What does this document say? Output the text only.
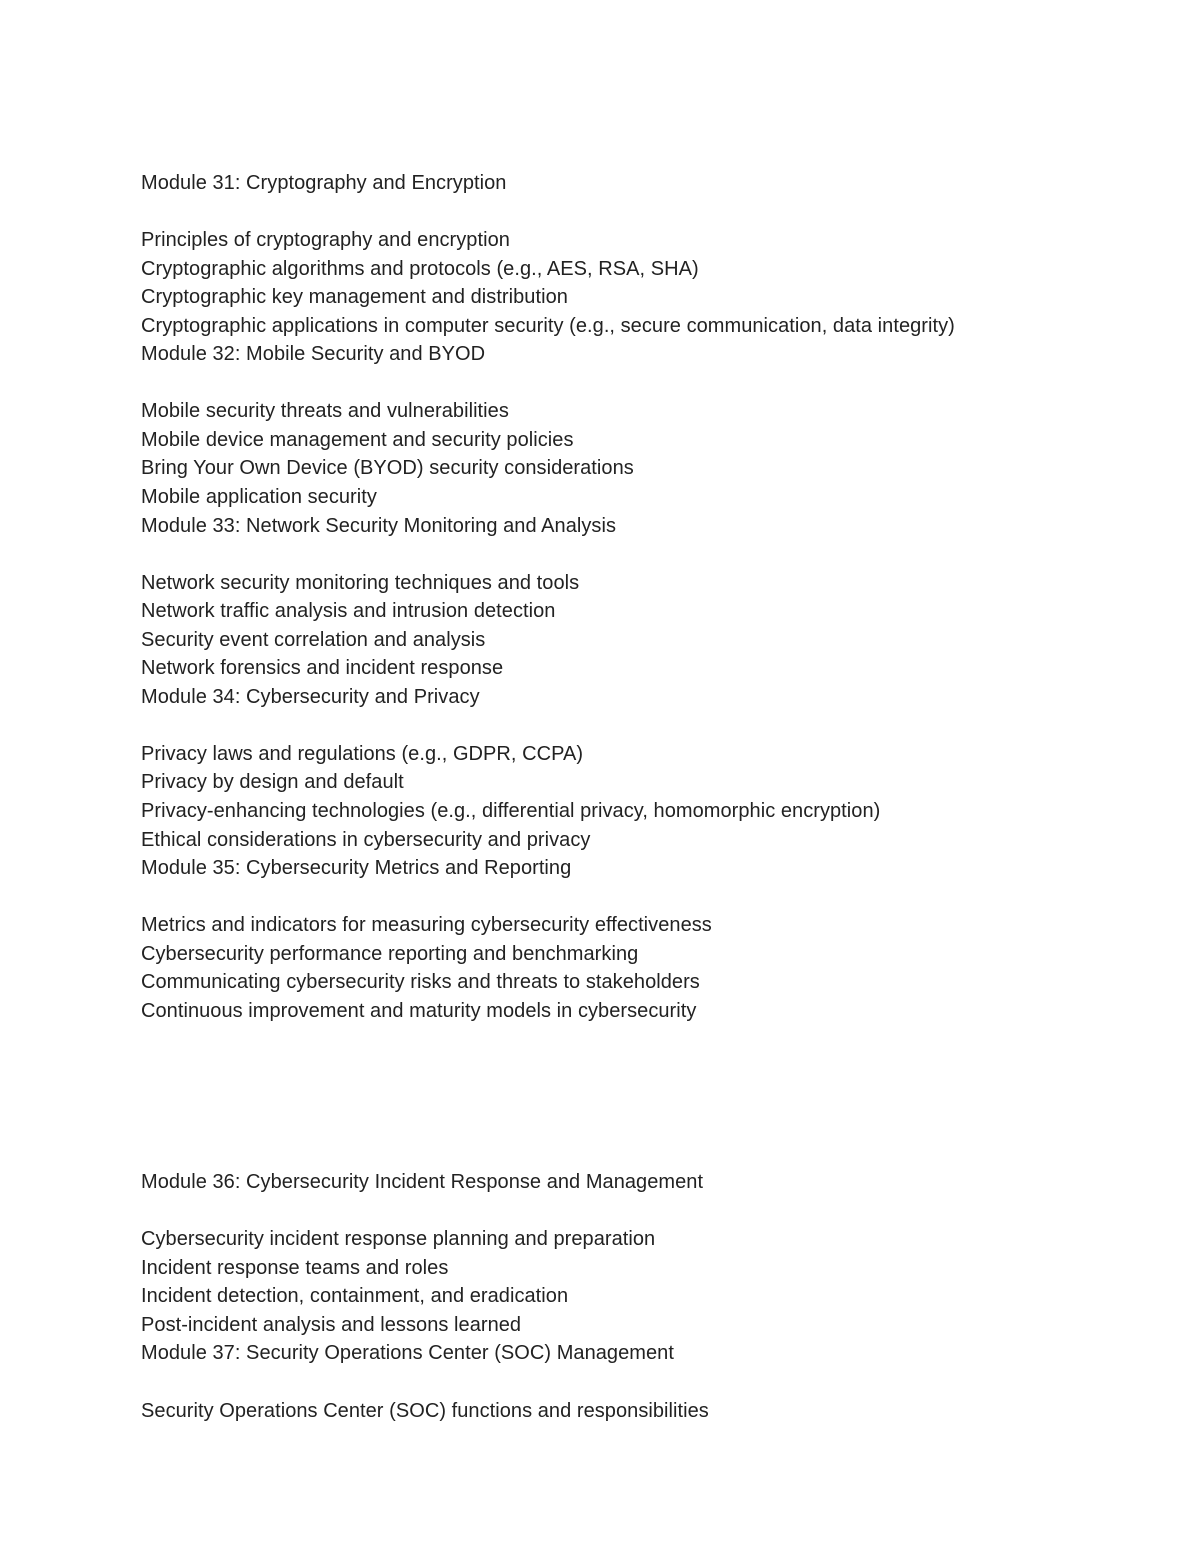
Module 31: Cryptography and Encryption
Principles of cryptography and encryption
Cryptographic algorithms and protocols (e.g., AES, RSA, SHA)
Cryptographic key management and distribution
Cryptographic applications in computer security (e.g., secure communication, data integrity)
Module 32: Mobile Security and BYOD
Mobile security threats and vulnerabilities
Mobile device management and security policies
Bring Your Own Device (BYOD) security considerations
Mobile application security
Module 33: Network Security Monitoring and Analysis
Network security monitoring techniques and tools
Network traffic analysis and intrusion detection
Security event correlation and analysis
Network forensics and incident response
Module 34: Cybersecurity and Privacy
Privacy laws and regulations (e.g., GDPR, CCPA)
Privacy by design and default
Privacy-enhancing technologies (e.g., differential privacy, homomorphic encryption)
Ethical considerations in cybersecurity and privacy
Module 35: Cybersecurity Metrics and Reporting
Metrics and indicators for measuring cybersecurity effectiveness
Cybersecurity performance reporting and benchmarking
Communicating cybersecurity risks and threats to stakeholders
Continuous improvement and maturity models in cybersecurity
Module 36: Cybersecurity Incident Response and Management
Cybersecurity incident response planning and preparation
Incident response teams and roles
Incident detection, containment, and eradication
Post-incident analysis and lessons learned
Module 37: Security Operations Center (SOC) Management
Security Operations Center (SOC) functions and responsibilities
